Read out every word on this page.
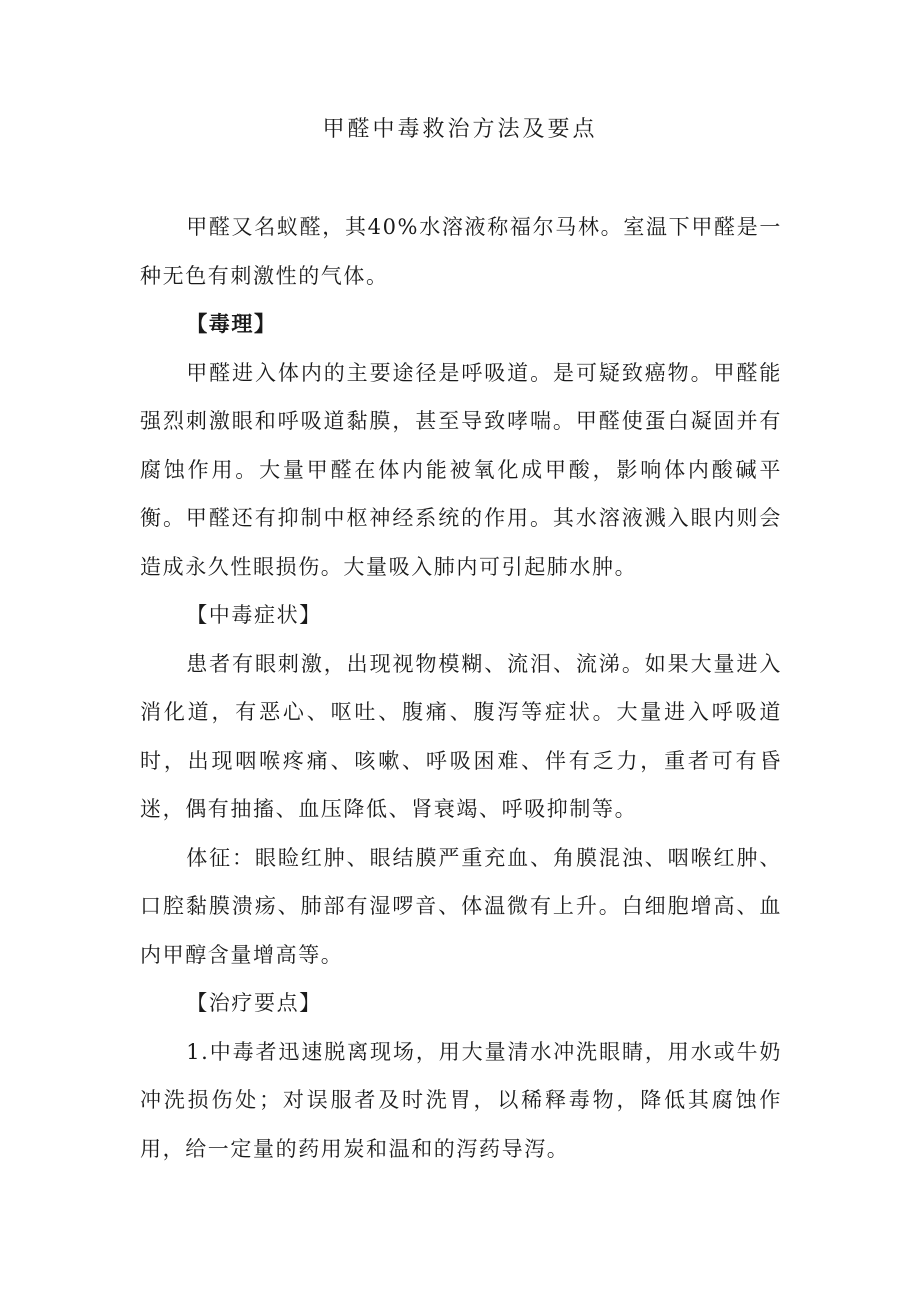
甲醛中毒救治方法及要点

甲醛又名蚁醛，其40%水溶液称福尔马林。室温下甲醛是一种无色有刺激性的气体。

【毒理】

甲醛进入体内的主要途径是呼吸道。是可疑致癌物。甲醛能强烈刺激眼和呼吸道黏膜，甚至导致哮喘。甲醛使蛋白凝固并有腐蚀作用。大量甲醛在体内能被氧化成甲酸，影响体内酸碱平衡。甲醛还有抑制中枢神经系统的作用。其水溶液溅入眼内则会造成永久性眼损伤。大量吸入肺内可引起肺水肿。

【中毒症状】

患者有眼刺激，出现视物模糊、流泪、流涕。如果大量进入消化道，有恶心、呕吐、腹痛、腹泻等症状。大量进入呼吸道时，出现咽喉疼痛、咳嗽、呼吸困难、伴有乏力，重者可有昏迷，偶有抽搐、血压降低、肾衰竭、呼吸抑制等。

体征：眼睑红肿、眼结膜严重充血、角膜混浊、咽喉红肿、口腔黏膜溃疡、肺部有湿啰音、体温微有上升。白细胞增高、血内甲醇含量增高等。

【治疗要点】

1.中毒者迅速脱离现场，用大量清水冲洗眼睛，用水或牛奶冲洗损伤处；对误服者及时洗胃，以稀释毒物，降低其腐蚀作用，给一定量的药用炭和温和的泻药导泻。
